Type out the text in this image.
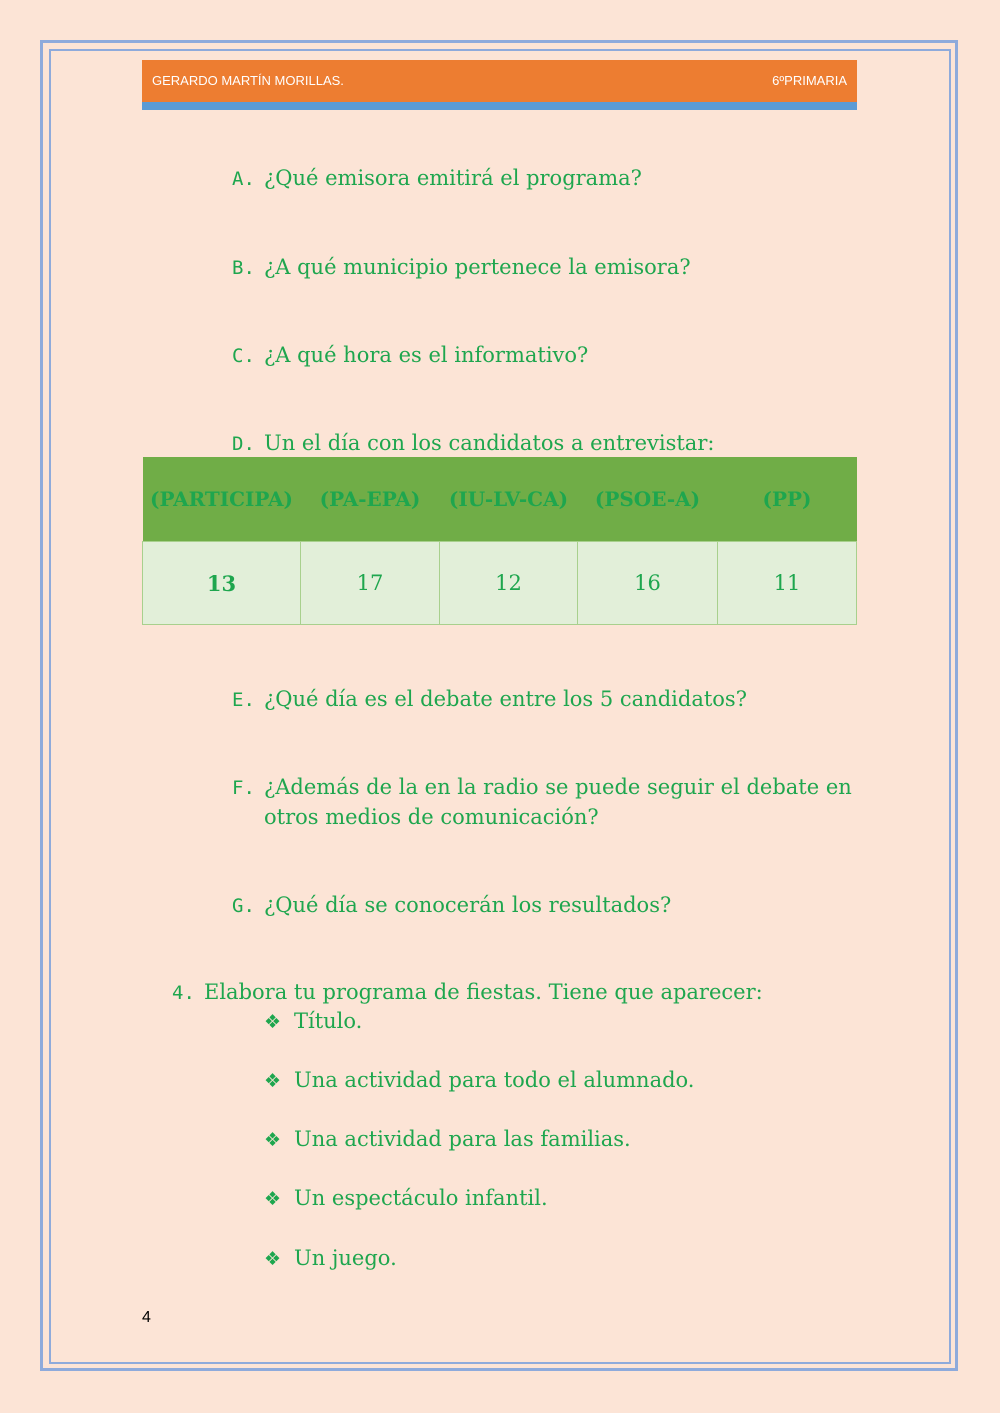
GERARDO MARTÍN MORILLAS.	6ºPRIMARIA
A. ¿Qué emisora emitirá el programa?
B. ¿A qué municipio pertenece la emisora?
C. ¿A qué hora es el informativo?
D. Un el día con los candidatos a entrevistar:
(PARTICIPA)	(PA-EPA)	(IU-LV-CA)	(PSOE-A)	(PP)
13	17	12	16	11
E. ¿Qué día es el debate entre los 5 candidatos?
F. ¿Además de la en la radio se puede seguir el debate en otros medios de comunicación?
G. ¿Qué día se conocerán los resultados?
4. Elabora tu programa de fiestas. Tiene que aparecer:
❖ Título.
❖ Una actividad para todo el alumnado.
❖ Una actividad para las familias.
❖ Un espectáculo infantil.
❖ Un juego.
4
